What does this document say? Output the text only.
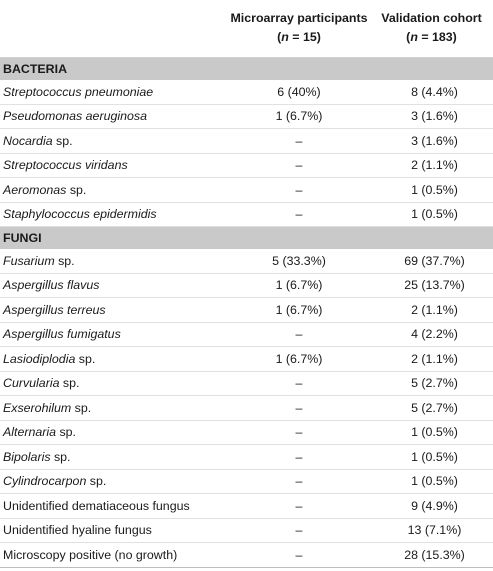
	Microarray participants	Validation cohort
	(n = 15)	(n = 183)
BACTERIA		
Streptococcus pneumoniae	6 (40%)	8 (4.4%)
Pseudomonas aeruginosa	1 (6.7%)	3 (1.6%)
Nocardia sp.	–	3 (1.6%)
Streptococcus viridans	–	2 (1.1%)
Aeromonas sp.	–	1 (0.5%)
Staphylococcus epidermidis	–	1 (0.5%)
FUNGI		
Fusarium sp.	5 (33.3%)	69 (37.7%)
Aspergillus flavus	1 (6.7%)	25 (13.7%)
Aspergillus terreus	1 (6.7%)	2 (1.1%)
Aspergillus fumigatus	–	4 (2.2%)
Lasiodiplodia sp.	1 (6.7%)	2 (1.1%)
Curvularia sp.	–	5 (2.7%)
Exserohilum sp.	–	5 (2.7%)
Alternaria sp.	–	1 (0.5%)
Bipolaris sp.	–	1 (0.5%)
Cylindrocarpon sp.	–	1 (0.5%)
Unidentified dematiaceous fungus	–	9 (4.9%)
Unidentified hyaline fungus	–	13 (7.1%)
Microscopy positive (no growth)	–	28 (15.3%)
